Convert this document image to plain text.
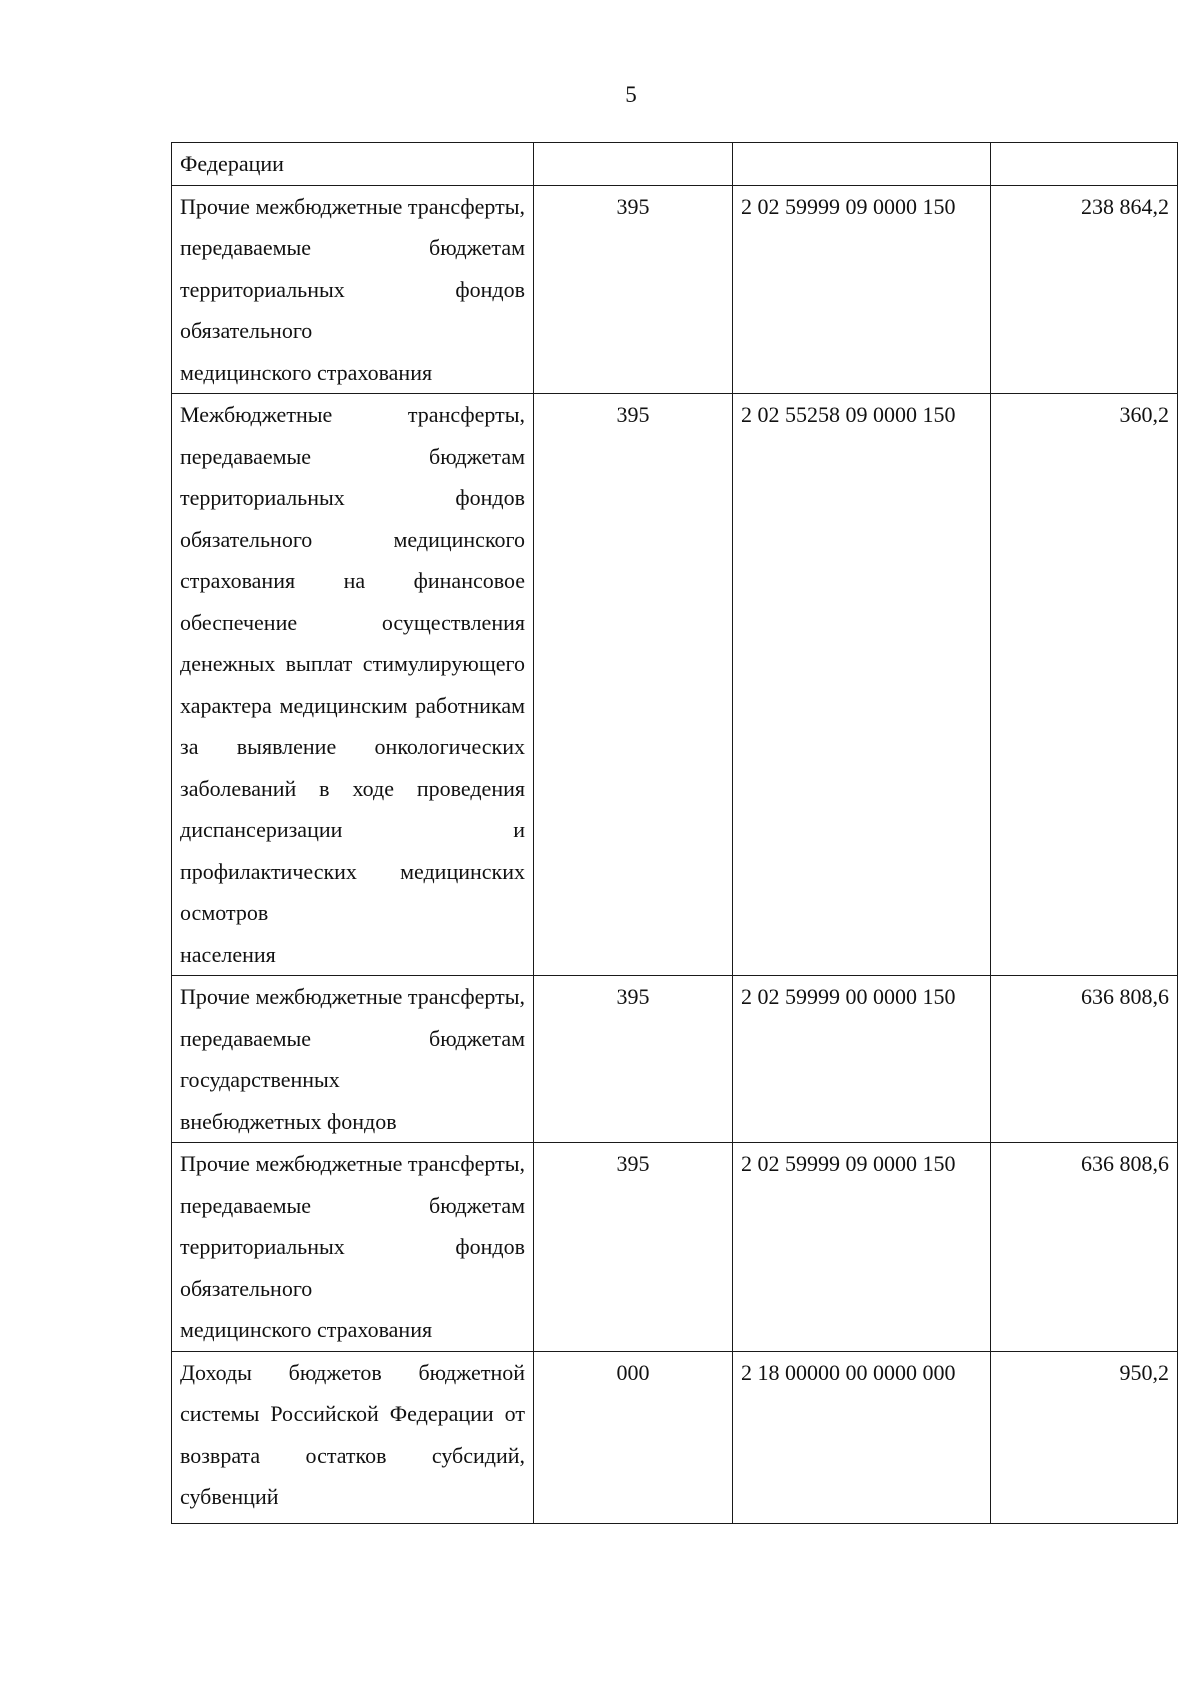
5
Федерации			
Прочие межбюджетные трансферты, передаваемые бюджетам территориальных фондов обязательного
медицинского страхования	395	2 02 59999 09 0000 150	238 864,2
Межбюджетные трансферты, передаваемые бюджетам территориальных фондов обязательного медицинского страхования на финансовое обеспечение осуществления денежных выплат стимулирующего характера медицинским работникам за выявление онкологических заболеваний в ходе проведения диспансеризации и профилактических медицинских осмотров
населения	395	2 02 55258 09 0000 150	360,2
Прочие межбюджетные трансферты, передаваемые бюджетам государственных
внебюджетных фондов	395	2 02 59999 00 0000 150	636 808,6
Прочие межбюджетные трансферты, передаваемые бюджетам территориальных фондов обязательного
медицинского страхования	395	2 02 59999 09 0000 150	636 808,6
Доходы бюджетов бюджетной системы Российской Федерации от возврата остатков субсидий, субвенций	000	2 18 00000 00 0000 000	950,2
